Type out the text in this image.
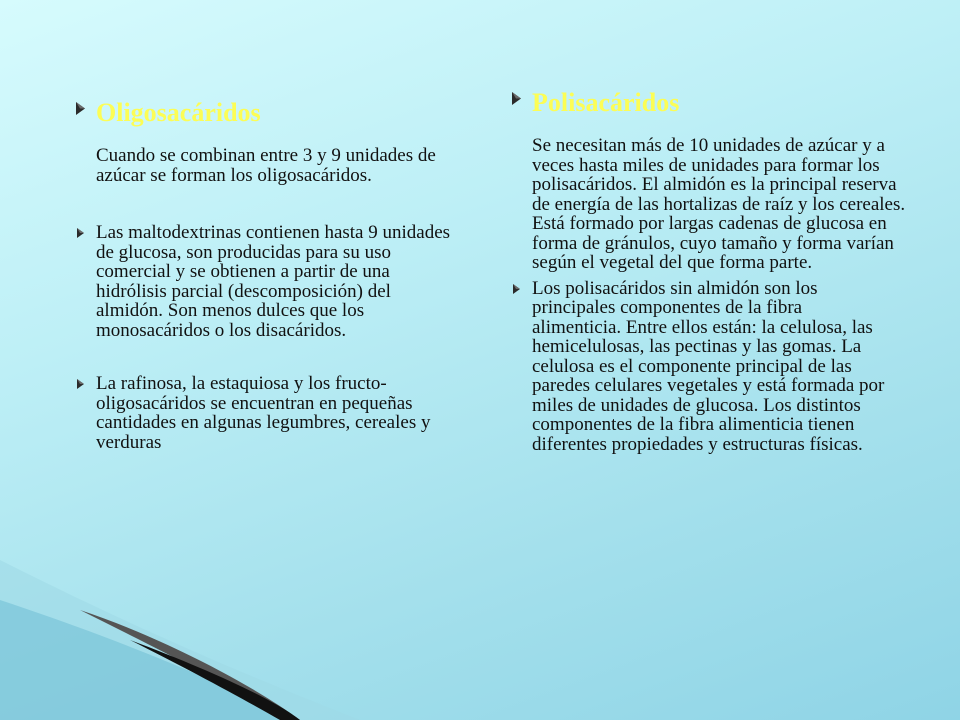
Oligosacáridos
Cuando se combinan entre 3 y 9 unidades de azúcar se forman los oligosacáridos.
Las maltodextrinas contienen hasta 9 unidades de glucosa, son producidas para su uso comercial y se obtienen a partir de una hidrólisis parcial (descomposición) del almidón. Son menos dulces que los monosacáridos o los disacáridos.
La rafinosa, la estaquiosa y los fructo-oligosacáridos se encuentran en pequeñas cantidades en algunas legumbres, cereales y verduras
Polisacáridos
Se necesitan más de 10 unidades de azúcar y a veces hasta miles de unidades para formar los polisacáridos. El almidón es la principal reserva de energía de las hortalizas de raíz y los cereales. Está formado por largas cadenas de glucosa en forma de gránulos, cuyo tamaño y forma varían según el vegetal del que forma parte.
Los polisacáridos sin almidón son los principales componentes de la fibra alimenticia. Entre ellos están: la celulosa, las hemicelulosas, las pectinas y las gomas. La celulosa es el componente principal de las paredes celulares vegetales y está formada por miles de unidades de glucosa. Los distintos componentes de la fibra alimenticia tienen diferentes propiedades y estructuras físicas.
